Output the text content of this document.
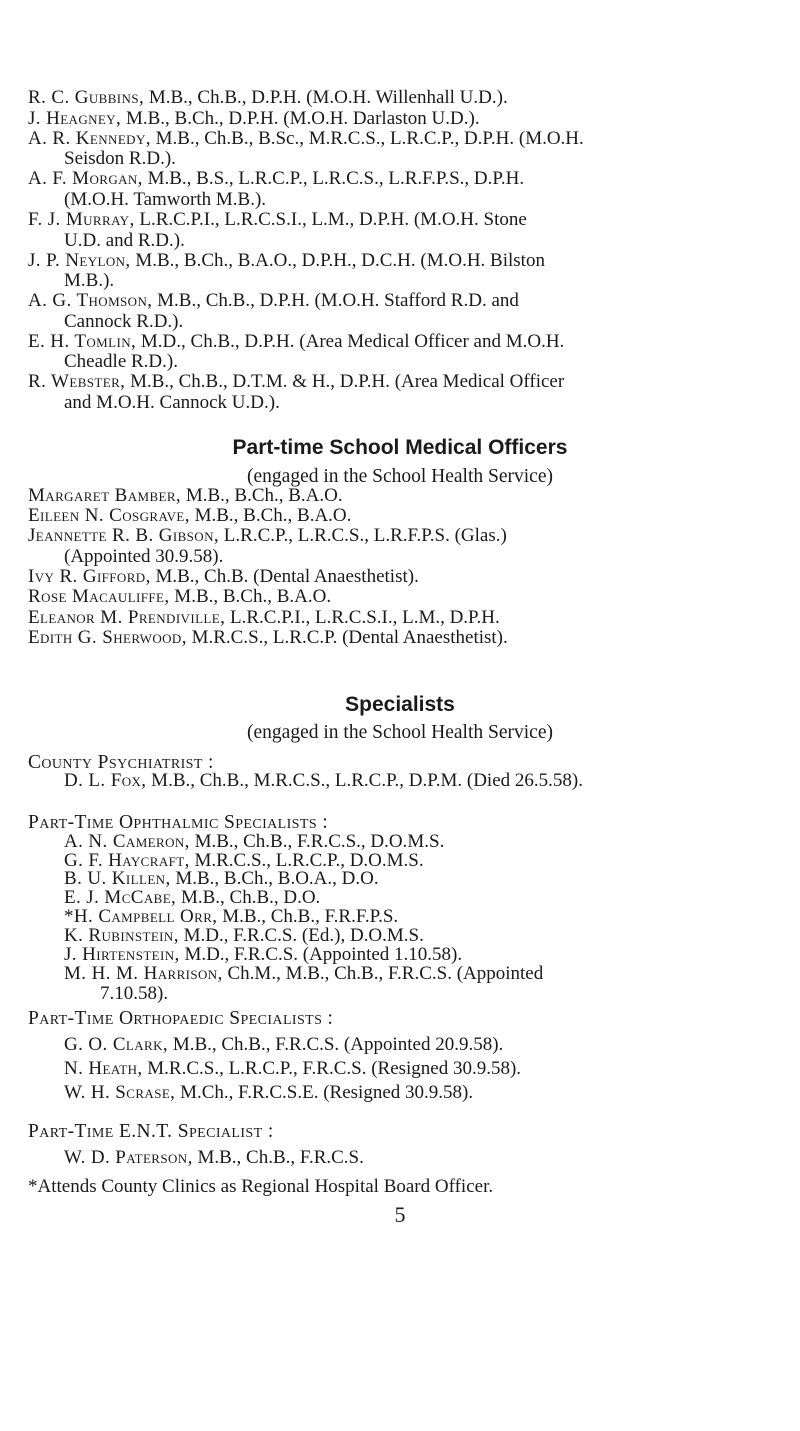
R. C. Gubbins, M.B., Ch.B., D.P.H. (M.O.H. Willenhall U.D.).
J. Heagney, M.B., B.Ch., D.P.H. (M.O.H. Darlaston U.D.).
A. R. Kennedy, M.B., Ch.B., B.Sc., M.R.C.S., L.R.C.P., D.P.H. (M.O.H.
Seisdon R.D.).
A. F. Morgan, M.B., B.S., L.R.C.P., L.R.C.S., L.R.F.P.S., D.P.H.
(M.O.H. Tamworth M.B.).
F. J. Murray, L.R.C.P.I., L.R.C.S.I., L.M., D.P.H. (M.O.H. Stone
U.D. and R.D.).
J. P. Neylon, M.B., B.Ch., B.A.O., D.P.H., D.C.H. (M.O.H. Bilston
M.B.).
A. G. Thomson, M.B., Ch.B., D.P.H. (M.O.H. Stafford R.D. and
Cannock R.D.).
E. H. Tomlin, M.D., Ch.B., D.P.H. (Area Medical Officer and M.O.H.
Cheadle R.D.).
R. Webster, M.B., Ch.B., D.T.M. & H., D.P.H. (Area Medical Officer
and M.O.H. Cannock U.D.).
Part-time School Medical Officers
(engaged in the School Health Service)
Margaret Bamber, M.B., B.Ch., B.A.O.
Eileen N. Cosgrave, M.B., B.Ch., B.A.O.
Jeannette R. B. Gibson, L.R.C.P., L.R.C.S., L.R.F.P.S. (Glas.)
(Appointed 30.9.58).
Ivy R. Gifford, M.B., Ch.B. (Dental Anaesthetist).
Rose Macauliffe, M.B., B.Ch., B.A.O.
Eleanor M. Prendiville, L.R.C.P.I., L.R.C.S.I., L.M., D.P.H.
Edith G. Sherwood, M.R.C.S., L.R.C.P. (Dental Anaesthetist).
Specialists
(engaged in the School Health Service)
County Psychiatrist :
D. L. Fox, M.B., Ch.B., M.R.C.S., L.R.C.P., D.P.M. (Died 26.5.58).
Part-Time Ophthalmic Specialists :
A. N. Cameron, M.B., Ch.B., F.R.C.S., D.O.M.S.
G. F. Haycraft, M.R.C.S., L.R.C.P., D.O.M.S.
B. U. Killen, M.B., B.Ch., B.O.A., D.O.
E. J. McCabe, M.B., Ch.B., D.O.
*H. Campbell Orr, M.B., Ch.B., F.R.F.P.S.
K. Rubinstein, M.D., F.R.C.S. (Ed.), D.O.M.S.
J. Hirtenstein, M.D., F.R.C.S. (Appointed 1.10.58).
M. H. M. Harrison, Ch.M., M.B., Ch.B., F.R.C.S. (Appointed
7.10.58).
Part-Time Orthopaedic Specialists :
G. O. Clark, M.B., Ch.B., F.R.C.S. (Appointed 20.9.58).
N. Heath, M.R.C.S., L.R.C.P., F.R.C.S. (Resigned 30.9.58).
W. H. Scrase, M.Ch., F.R.C.S.E. (Resigned 30.9.58).
Part-Time E.N.T. Specialist :
W. D. Paterson, M.B., Ch.B., F.R.C.S.
*Attends County Clinics as Regional Hospital Board Officer.
5
